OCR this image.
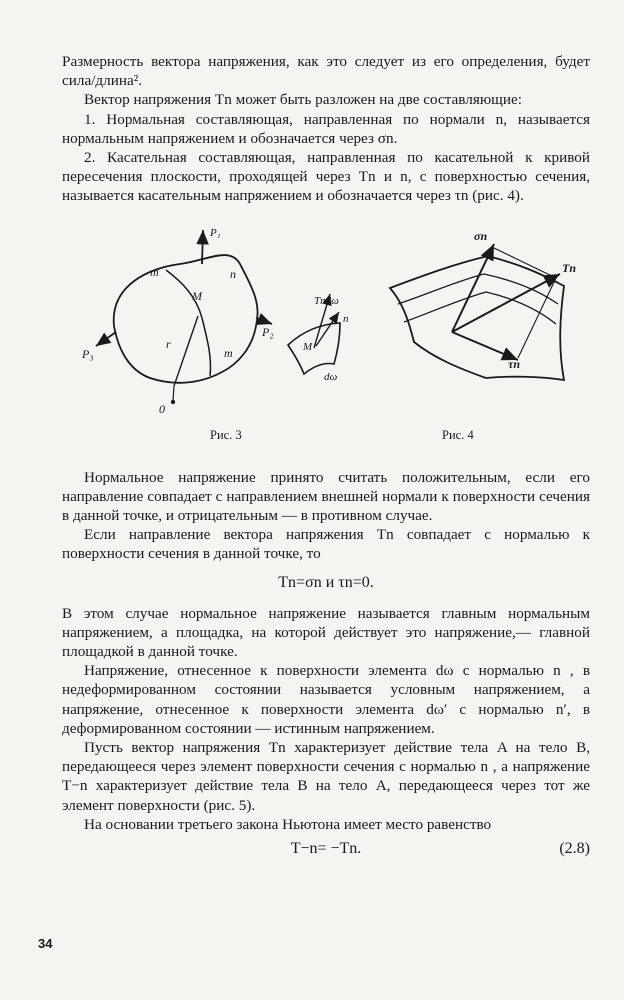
Размерность вектора напряжения, как это следует из его определения, будет сила/длина².

Вектор напряжения Tn может быть разложен на две составляющие:

1. Нормальная составляющая, направленная по нормали n, называется нормальным напряжением и обозначается через σn.

2. Касательная составляющая, направленная по касательной к кривой пересечения плоскости, проходящей через Tn и n, с поверхностью сечения, называется касательным напряжением и обозначается через τn (рис. 4).

P₁
P₂
P₃
m
m
n
M
r
0
Tndω
n
M
dω
σn
Tn
τn
Рис. 3	Рис. 4

Нормальное напряжение принято считать положительным, если его направление совпадает с направлением внешней нормали к поверхности сечения в данной точке, и отрицательным — в противном случае.

Если направление вектора напряжения Tn совпадает с нормалью к поверхности сечения в данной точке, то

Tn=σn и τn=0.

В этом случае нормальное напряжение называется главным нормальным напряжением, а площадка, на которой действует это напряжение,— главной площадкой в данной точке.

Напряжение, отнесенное к поверхности элемента dω с нормалью n , в недеформированном состоянии называется условным напряжением, а напряжение, отнесенное к поверхности элемента dω′ с нормалью n′, в деформированном состоянии — истинным напряжением.

Пусть вектор напряжения Tn характеризует действие тела A на тело B, передающееся через элемент поверхности сечения с нормалью n , а напряжение T−n характеризует действие тела B на тело A, передающееся через тот же элемент поверхности (рис. 5).

На основании третьего закона Ньютона имеет место равенство

T−n= −Tn.	(2.8)
34
